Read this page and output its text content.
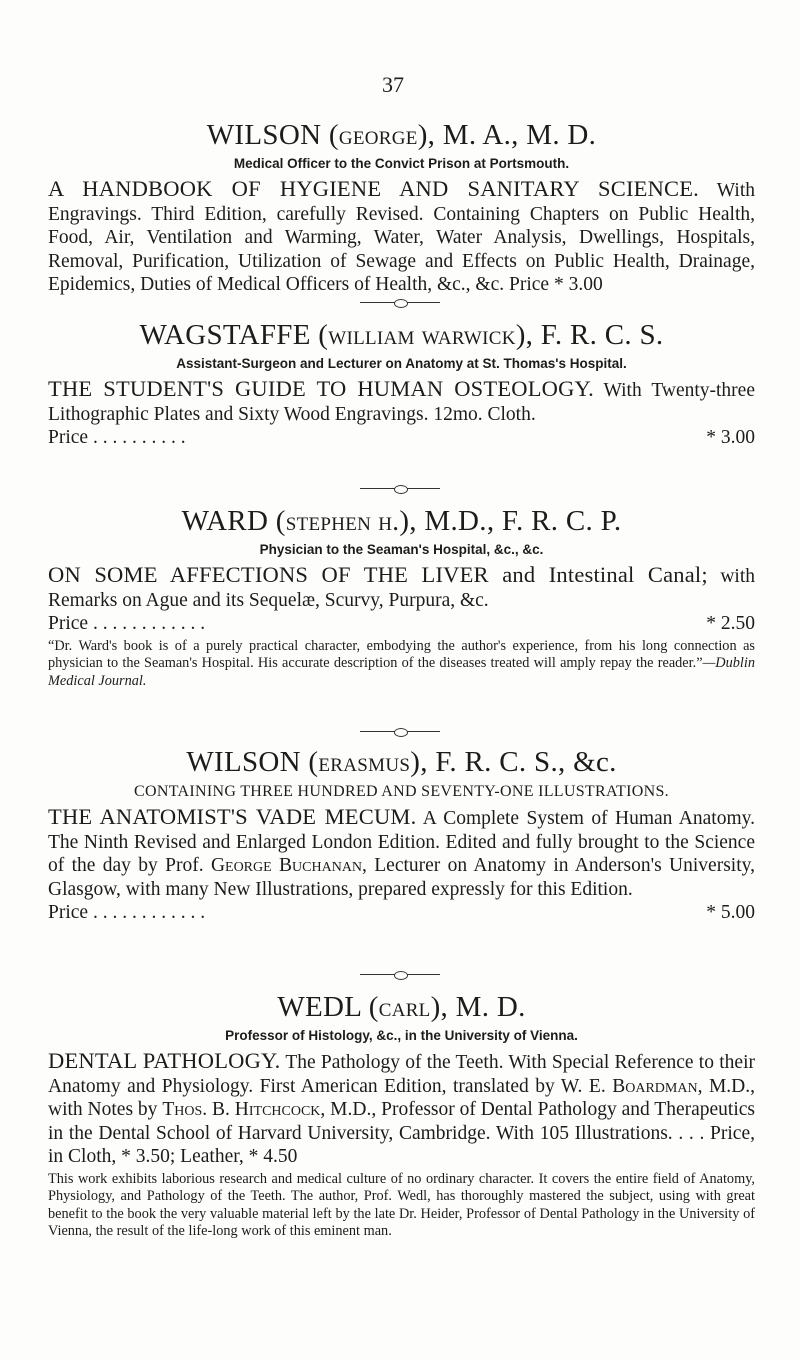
37

WILSON (george), M. A., M. D.

Medical Officer to the Convict Prison at Portsmouth.

A HANDBOOK OF HYGIENE AND SANITARY SCIENCE. With Engravings. Third Edition, carefully Revised. Containing Chapters on Public Health, Food, Air, Ventilation and Warming, Water, Water Analysis, Dwellings, Hospitals, Removal, Purification, Utilization of Sewage and Effects on Public Health, Drainage, Epidemics, Duties of Medical Officers of Health, &c., &c. Price * 3.00

WAGSTAFFE (william warwick), F. R. C. S.

Assistant-Surgeon and Lecturer on Anatomy at St. Thomas's Hospital.

THE STUDENT'S GUIDE TO HUMAN OSTEOLOGY. With Twenty-three Lithographic Plates and Sixty Wood Engravings. 12mo. Cloth.

Price . . . . . . . . . .	* 3.00

WARD (stephen h.), M.D., F. R. C. P.

Physician to the Seaman's Hospital, &c., &c.

ON SOME AFFECTIONS OF THE LIVER and Intestinal Canal; with Remarks on Ague and its Sequelæ, Scurvy, Purpura, &c.

Price . . . . . . . . . . . .	* 2.50

“Dr. Ward's book is of a purely practical character, embodying the author's experience, from his long connection as physician to the Seaman's Hospital. His accurate description of the diseases treated will amply repay the reader.”—Dublin Medical Journal.

WILSON (erasmus), F. R. C. S., &c.

CONTAINING THREE HUNDRED AND SEVENTY-ONE ILLUSTRATIONS.

THE ANATOMIST'S VADE MECUM. A Complete System of Human Anatomy. The Ninth Revised and Enlarged London Edition. Edited and fully brought to the Science of the day by Prof. George Buchanan, Lecturer on Anatomy in Anderson's University, Glasgow, with many New Illustrations, prepared expressly for this Edition.

Price . . . . . . . . . . . .	* 5.00

WEDL (carl), M. D.

Professor of Histology, &c., in the University of Vienna.

DENTAL PATHOLOGY. The Pathology of the Teeth. With Special Reference to their Anatomy and Physiology. First American Edition, translated by W. E. Boardman, M.D., with Notes by Thos. B. Hitchcock, M.D., Professor of Dental Pathology and Therapeutics in the Dental School of Harvard University, Cambridge. With 105 Illustrations. . . . Price, in Cloth, * 3.50; Leather, * 4.50

This work exhibits laborious research and medical culture of no ordinary character. It covers the entire field of Anatomy, Physiology, and Pathology of the Teeth. The author, Prof. Wedl, has thoroughly mastered the subject, using with great benefit to the book the very valuable material left by the late Dr. Heider, Professor of Dental Pathology in the University of Vienna, the result of the life-long work of this eminent man.
